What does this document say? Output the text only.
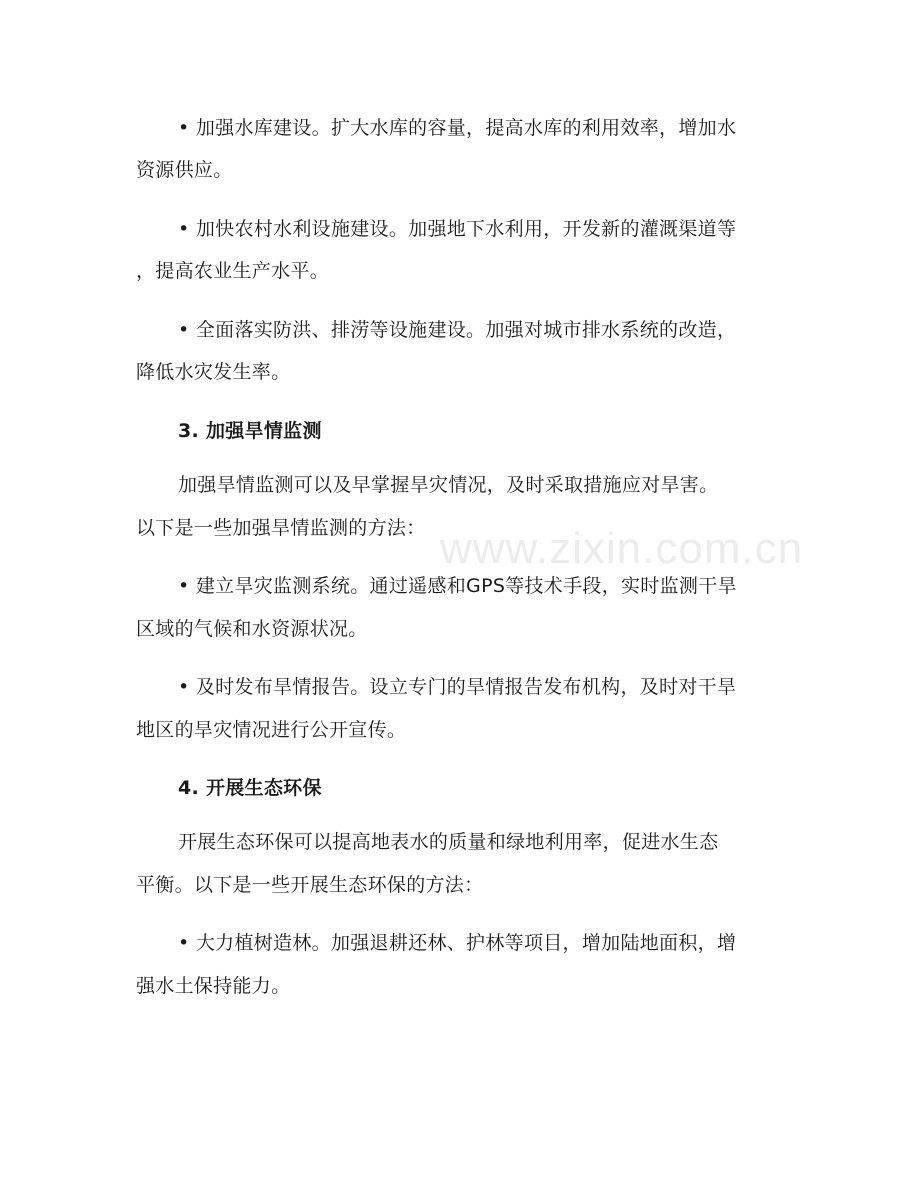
www.zixin.com.cn
• 加强水库建设。扩大水库的容量，提高水库的利用效率，增加水
资源供应。
• 加快农村水利设施建设。加强地下水利用，开发新的灌溉渠道等
，提高农业生产水平。
• 全面落实防洪、排涝等设施建设。加强对城市排水系统的改造，
降低水灾发生率。
3. 加强旱情监测
加强旱情监测可以及早掌握旱灾情况，及时采取措施应对旱害。
以下是一些加强旱情监测的方法：
• 建立旱灾监测系统。通过遥感和GPS等技术手段，实时监测干旱
区域的气候和水资源状况。
• 及时发布旱情报告。设立专门的旱情报告发布机构，及时对干旱
地区的旱灾情况进行公开宣传。
4. 开展生态环保
开展生态环保可以提高地表水的质量和绿地利用率，促进水生态
平衡。以下是一些开展生态环保的方法：
• 大力植树造林。加强退耕还林、护林等项目，增加陆地面积，增
强水土保持能力。
